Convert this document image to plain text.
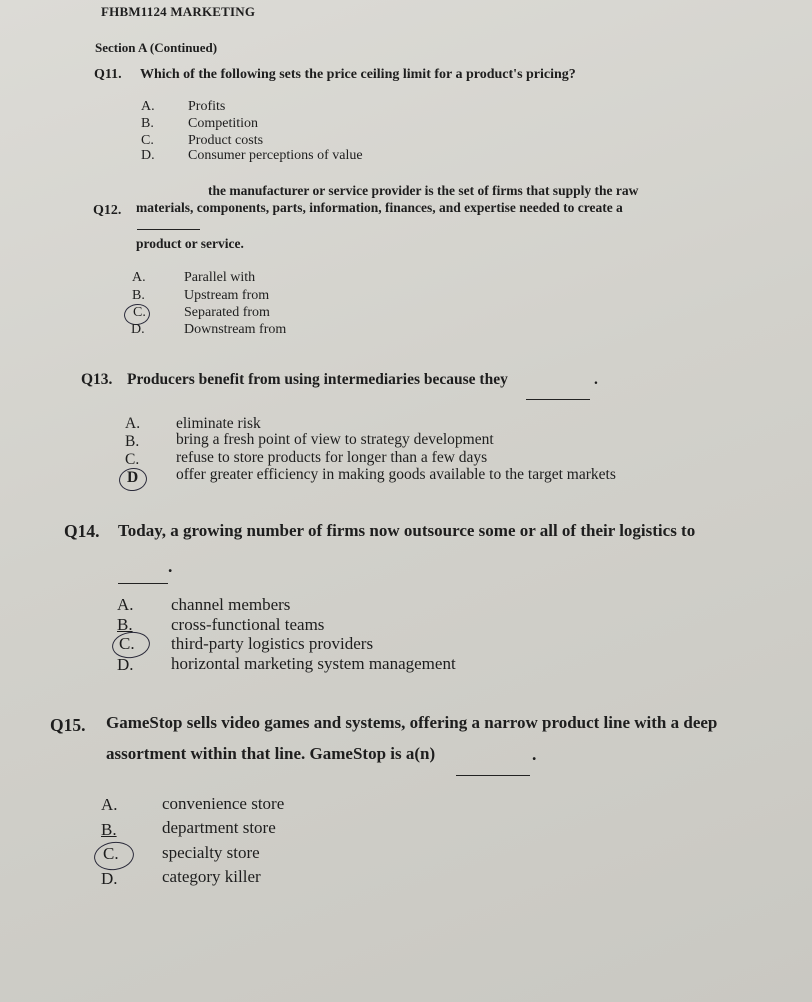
FHBM1124 MARKETING
Section A (Continued)
Q11. Which of the following sets the price ceiling limit for a product's pricing?
A. Profits
B. Competition
C. Product costs
D. Consumer perceptions of value
Q12.
the manufacturer or service provider is the set of firms that supply the raw
materials, components, parts, information, finances, and expertise needed to create a
product or service.
A.	Parallel with
B.	Upstream from
C.	Separated from
D.	Downstream from
Q13. Producers benefit from using intermediaries because they	.
A. eliminate risk
B. bring a fresh point of view to strategy development
C. refuse to store products for longer than a few days
D offer greater efficiency in making goods available to the target markets
Q14. Today, a growing number of firms now outsource some or all of their logistics to
.
A. channel members
B. cross-functional teams
C. third-party logistics providers
D. horizontal marketing system management
Q15. GameStop sells video games and systems, offering a narrow product line with a deep
assortment within that line. GameStop is a(n)	.
A.	convenience store
B.	department store
C.	specialty store
D.	category killer
